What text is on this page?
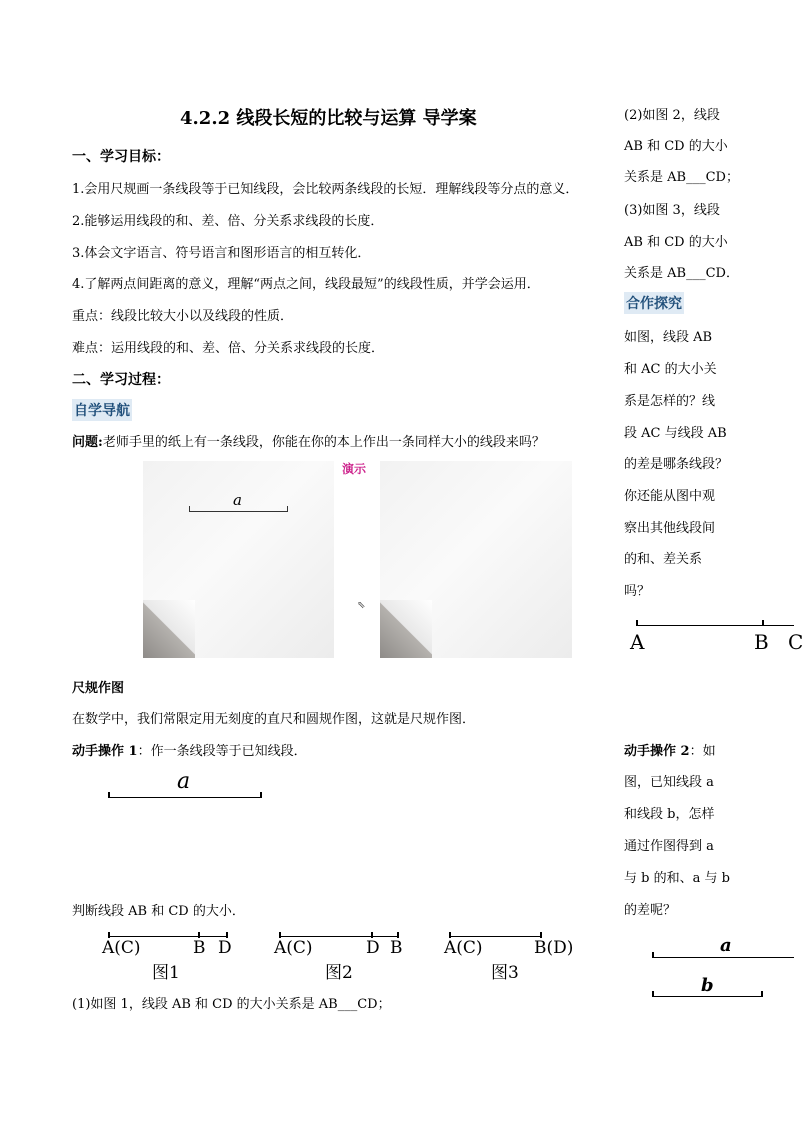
4.2.2 线段长短的比较与运算 导学案
一、学习目标：
1.会用尺规画一条线段等于已知线段，会比较两条线段的长短．理解线段等分点的意义．
2.能够运用线段的和、差、倍、分关系求线段的长度．
3.体会文字语言、符号语言和图形语言的相互转化．
4.了解两点间距离的意义，理解“两点之间，线段最短”的线段性质，并学会运用．
重点：线段比较大小以及线段的性质．
难点：运用线段的和、差、倍、分关系求线段的长度．
二、学习过程：
自学导航
问题:老师手里的纸上有一条线段，你能在你的本上作出一条同样大小的线段来吗？
a
演示
⇖
尺规作图
在数学中，我们常限定用无刻度的直尺和圆规作图，这就是尺规作图．
动手操作 1：作一条线段等于已知线段．
a
判断线段 AB 和 CD 的大小．
A(C)	B D
图1
A(C)	D B
图2
A(C)	B(D)
图3
(1)如图 1，线段 AB 和 CD 的大小关系是 AB___CD；
(2)如图 2，线段
AB 和 CD 的大小
关系是 AB___CD；
(3)如图 3，线段
AB 和 CD 的大小
关系是 AB___CD．
合作探究
如图，线段 AB
和 AC 的大小关
系是怎样的？线
段 AC 与线段 AB
的差是哪条线段？
你还能从图中观
察出其他线段间
的和、差关系
吗？
A	B C
动手操作 2：如
图，已知线段 a
和线段 b，怎样
通过作图得到 a
与 b 的和、a 与 b
的差呢？
a
b
